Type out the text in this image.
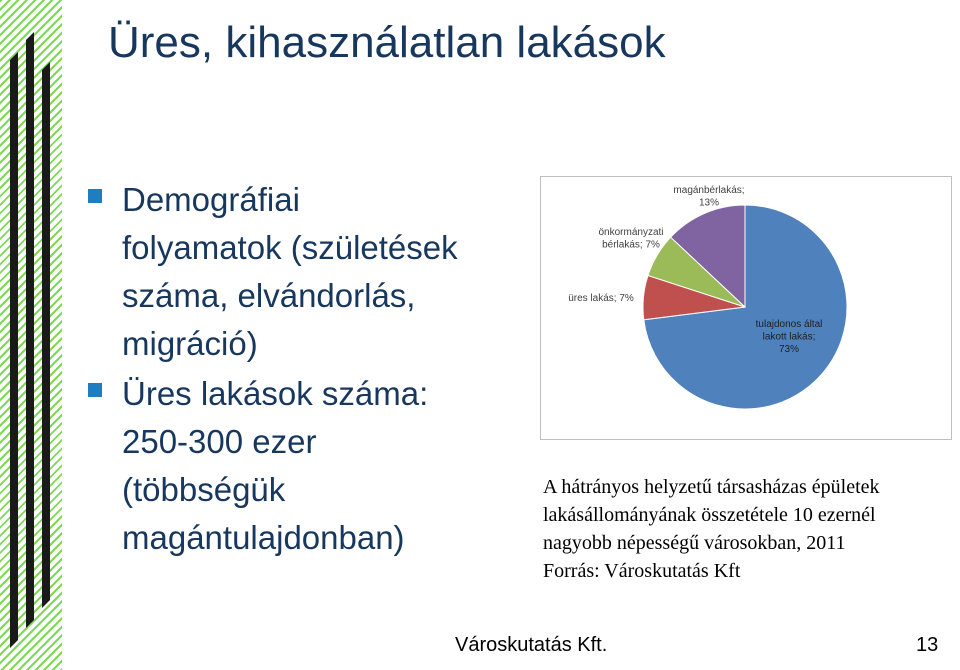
Üres, kihasználatlan lakások
Demográfiai
folyamatok (születések
száma, elvándorlás,
migráció)
Üres lakások száma:
250-300 ezer
(többségük
magántulajdonban)
tulajdonos által lakott lakás; 73%
üres lakás; 7%
önkormányzati bérlakás; 7%
magánbérlakás; 13%
A hátrányos helyzetű társasházas épületek
lakásállományának összetétele 10 ezernél
nagyobb népességű városokban, 2011
Forrás: Városkutatás Kft
Városkutatás Kft.	13
